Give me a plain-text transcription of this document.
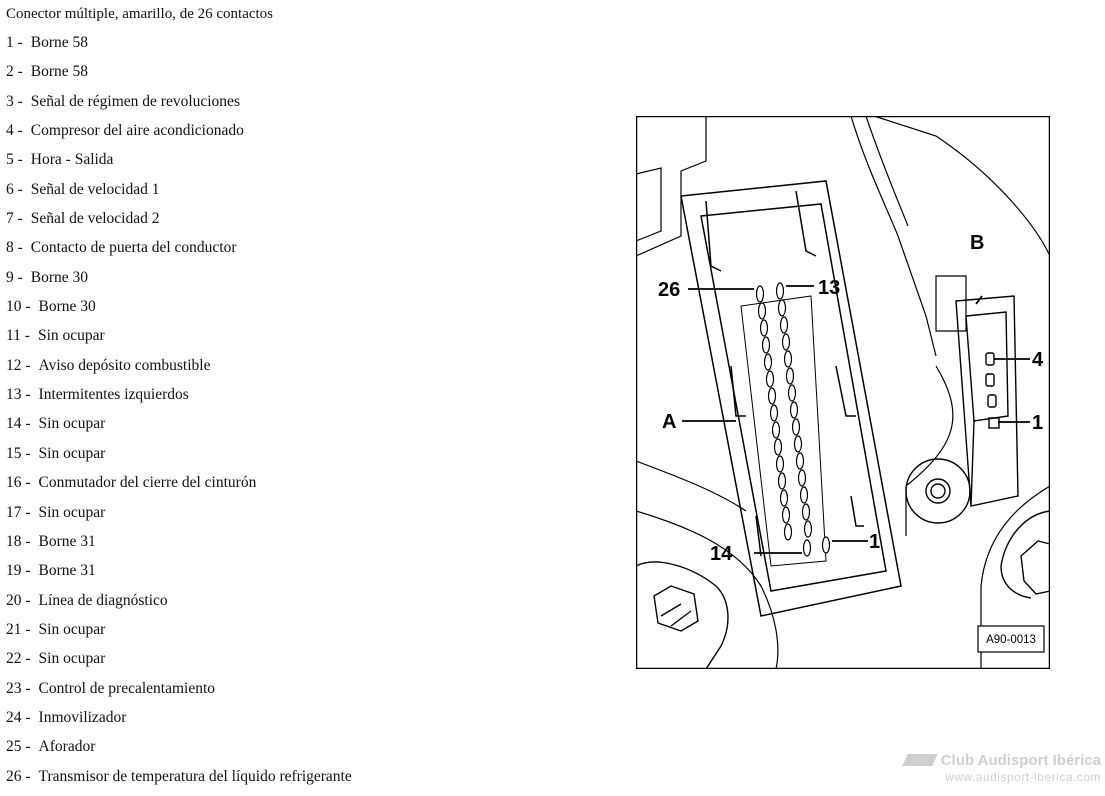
Conector múltiple, amarillo, de 26 contactos
1 - Borne 58
2 - Borne 58
3 - Señal de régimen de revoluciones
4 - Compresor del aire acondicionado
5 - Hora - Salida
6 - Señal de velocidad 1
7 - Señal de velocidad 2
8 - Contacto de puerta del conductor
9 - Borne 30
10 - Borne 30
11 - Sin ocupar
12 - Aviso depósito combustible
13 - Intermitentes izquierdos
14 - Sin ocupar
15 - Sin ocupar
16 - Conmutador del cierre del cinturón
17 - Sin ocupar
18 - Borne 31
19 - Borne 31
20 - Línea de diagnóstico
21 - Sin ocupar
22 - Sin ocupar
23 - Control de precalentamiento
24 - Inmovilizador
25 - Aforador
26 - Transmisor de temperatura del líquido refrigerante
26	13
A
14
1
B
4
1
A90-0013
Club Audisport Ibérica
www.audisport-iberica.com
